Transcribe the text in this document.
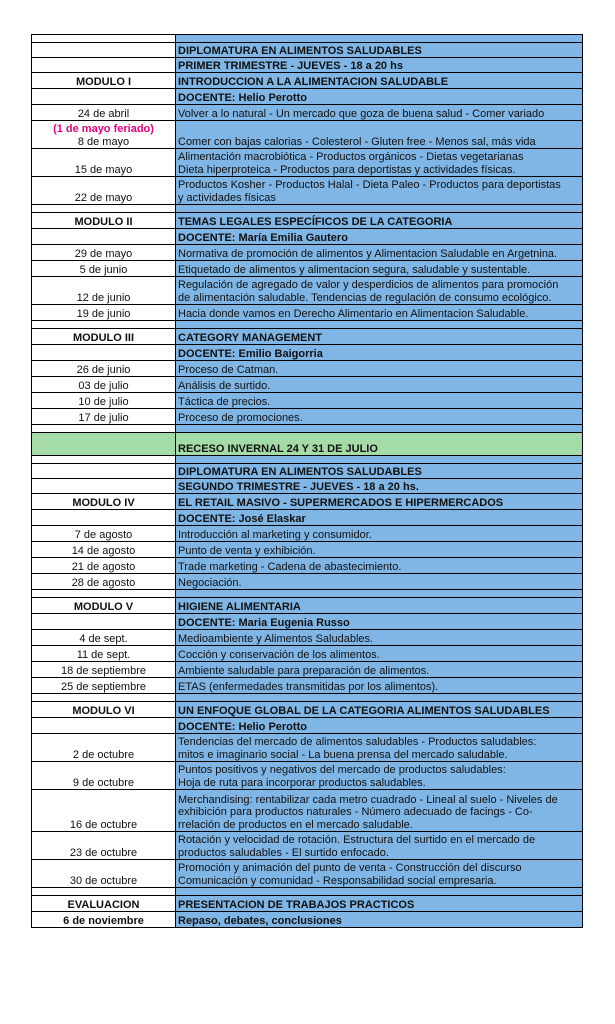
	DIPLOMATURA EN ALIMENTOS SALUDABLES
	PRIMER TRIMESTRE - JUEVES - 18 a 20 hs
MODULO I	INTRODUCCION A LA ALIMENTACION SALUDABLE
	DOCENTE: Helio Perotto

24 de abril	Volver a lo natural - Un mercado que goza de buena salud - Comer variado

(1 de mayo feriado)
8 de mayo	Comer con bajas calorias - Colesterol - Gluten free - Menos sal, más vida

15 de mayo	Alimentación macrobiótica - Productos orgánicos - Dietas vegetarianas
Dieta hiperproteica - Productos para deportistas y actividades físicas.

22 de mayo	Productos Kosher - Productos Halal - Dieta Paleo - Productos para deportistas
y actividades físicas

MODULO II	TEMAS LEGALES ESPECÍFICOS DE LA CATEGORIA
	DOCENTE: María Emilia Gautero

29 de mayo	Normativa de promoción de alimentos y Alimentacion Saludable en Argetnina.

5 de junio	Etiquetado de alimentos y alimentacion segura, saludable y sustentable.

12 de junio	Regulación de agregado de valor y desperdicios de alimentos para promoción
de alimentación saludable. Tendencias de regulación de consumo ecológico.

19 de junio	Hacia donde vamos en Derecho Alimentario en Alimentacion Saludable.

MODULO III	CATEGORY MANAGEMENT
	DOCENTE: Emilio Baigorria

26 de junio	Proceso de Catman.

03 de julio	Análisis de surtido.

10 de julio	Táctica de precios.

17 de julio	Proceso de promociones.

	RECESO INVERNAL 24 Y 31 DE JULIO

	DIPLOMATURA EN ALIMENTOS SALUDABLES
	SEGUNDO TRIMESTRE - JUEVES - 18 a 20 hs.
MODULO IV	EL RETAIL MASIVO - SUPERMERCADOS E HIPERMERCADOS
	DOCENTE: José Elaskar

7 de agosto	Introducción al marketing y consumidor.

14 de agosto	Punto de venta y exhibición.

21 de agosto	Trade marketing - Cadena de abastecimiento.

28 de agosto	Negociación.

MODULO V	HIGIENE ALIMENTARIA
	DOCENTE: Maria Eugenia Russo

4 de sept.	Medioambiente y Alimentos Saludables.

11 de sept.	Cocción y conservación de los alimentos.

18 de septiembre	Ambiente saludable para preparación de alimentos.

25 de septiembre	ETAS (enfermedades transmitidas por los alimentos).

MODULO VI	UN ENFOQUE GLOBAL DE LA CATEGORIA ALIMENTOS SALUDABLES
	DOCENTE: Helio Perotto

2 de octubre	Tendencias del mercado de alimentos saludables - Productos saludables:
mitos e imaginario social - La buena prensa del mercado saludable.

9 de octubre	Puntos positivos y negativos del mercado de productos saludables:
Hoja de ruta para incorporar productos saludables.

16 de octubre	Merchandising: rentabilizar cada metro cuadrado - Lineal al suelo - Niveles de
exhibición para productos naturales - Número adecuado de facings - Co-
rrelación de productos en el mercado saludable.

23 de octubre	Rotación y velocidad de rotación. Estructura del surtido en el mercado de
productos saludables - El surtido enfocado.

30 de octubre	Promoción y animación del punto de venta - Construcción del discurso
Comunicación y comunidad - Responsabilidad social empresaria.

EVALUACION	PRESENTACION DE TRABAJOS PRACTICOS
6 de noviembre	Repaso, debates, conclusiones
